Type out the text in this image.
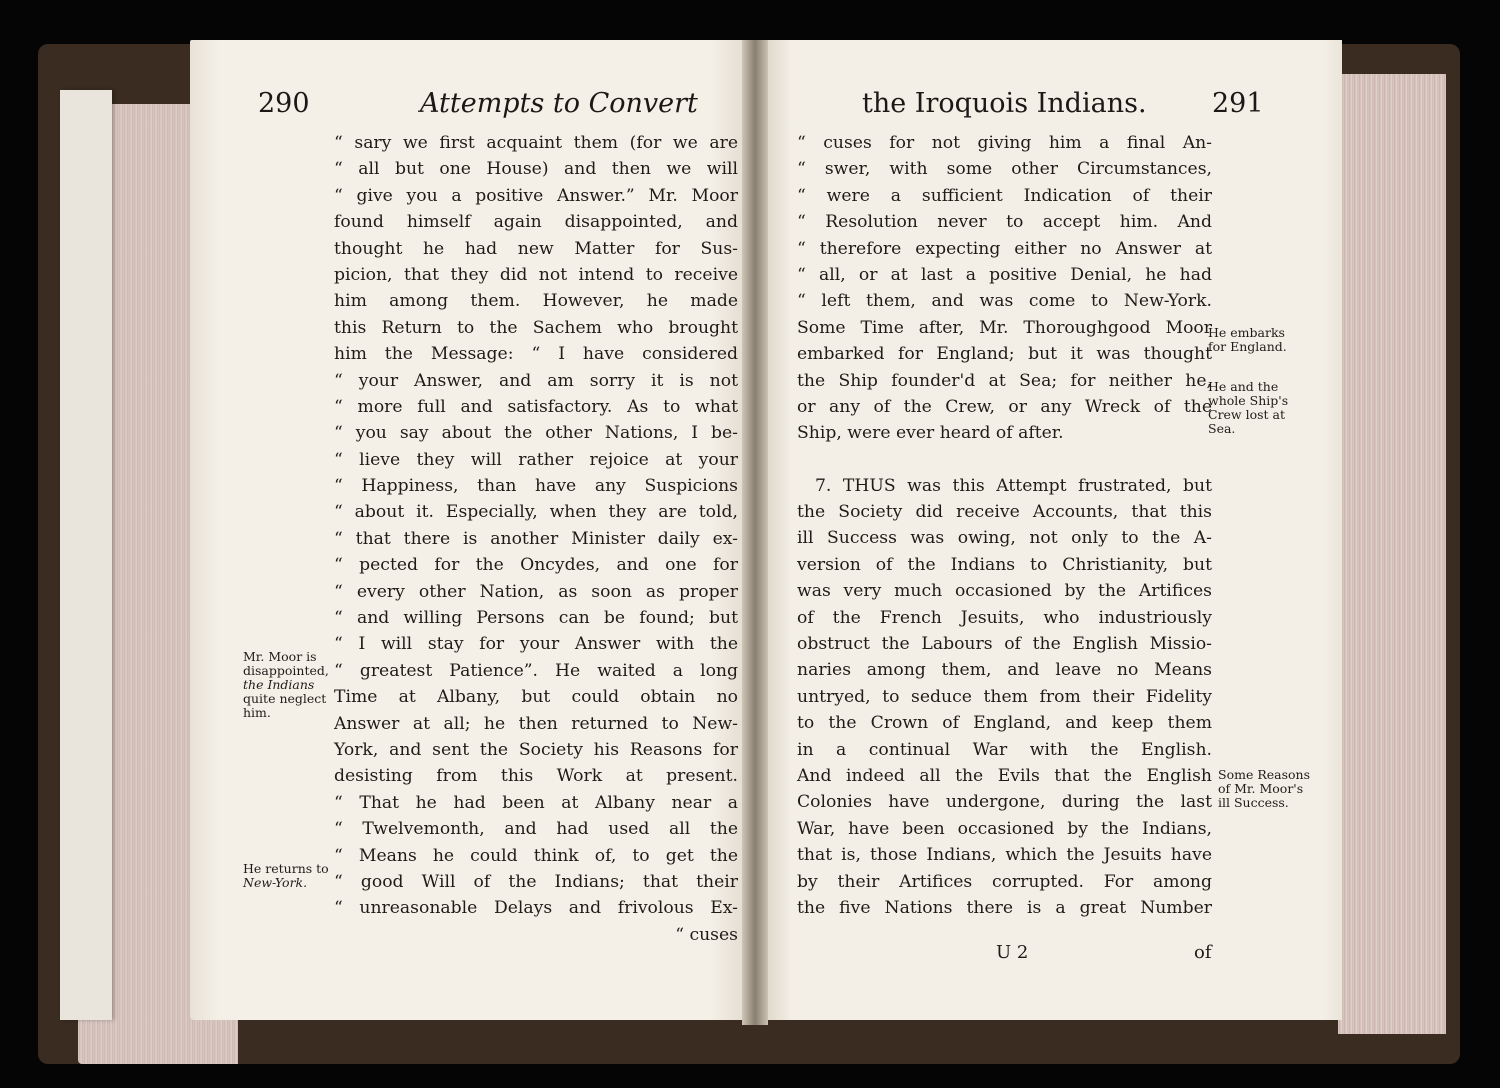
290	Attempts to Convert	the Iroquois Indians. 291
“ sary we first acquaint them (for we are
“ all but one House) and then we will
“ give you a positive Answer.” Mr. Moor
found himself again disappointed, and
thought he had new Matter for Sus-
picion, that they did not intend to receive
him among them. However, he made
this Return to the Sachem who brought
him the Message: “ I have considered
“ your Answer, and am sorry it is not
“ more full and satisfactory. As to what
“ you say about the other Nations, I be-
“ lieve they will rather rejoice at your
“ Happiness, than have any Suspicions
“ about it. Especially, when they are told,
“ that there is another Minister daily ex-
“ pected for the Oncydes, and one for
“ every other Nation, as soon as proper
“ and willing Persons can be found; but
“ I will stay for your Answer with the
“ greatest Patience”. He waited a long
Time at Albany, but could obtain no
Answer at all; he then returned to New-
York, and sent the Society his Reasons for
desisting from this Work at present.
“ That he had been at Albany near a
“ Twelvemonth, and had used all the
“ Means he could think of, to get the
“ good Will of the Indians; that their
“ unreasonable Delays and frivolous Ex-
“ cuses
Mr. Moor is
disappointed,
the Indians
quite neglect
him.
He returns to
New-York.
“ cuses for not giving him a final An-
“ swer, with some other Circumstances,
“ were a sufficient Indication of their
“ Resolution never to accept him. And
“ therefore expecting either no Answer at
“ all, or at last a positive Denial, he had
“ left them, and was come to New-York.
Some Time after, Mr. Thoroughgood Moor
embarked for England; but it was thought
the Ship founder'd at Sea; for neither he,
or any of the Crew, or any Wreck of the
Ship, were ever heard of after.
7. THUS was this Attempt frustrated, but
the Society did receive Accounts, that this
ill Success was owing, not only to the A-
version of the Indians to Christianity, but
was very much occasioned by the Artifices
of the French Jesuits, who industriously
obstruct the Labours of the English Missio-
naries among them, and leave no Means
untryed, to seduce them from their Fidelity
to the Crown of England, and keep them
in a continual War with the English.
And indeed all the Evils that the English
Colonies have undergone, during the last
War, have been occasioned by the Indians,
that is, those Indians, which the Jesuits have
by their Artifices corrupted. For among
the five Nations there is a great Number
U 2	of
He embarks
for England.
He and the
whole Ship's
Crew lost at
Sea.
Some Reasons
of Mr. Moor's
ill Success.
